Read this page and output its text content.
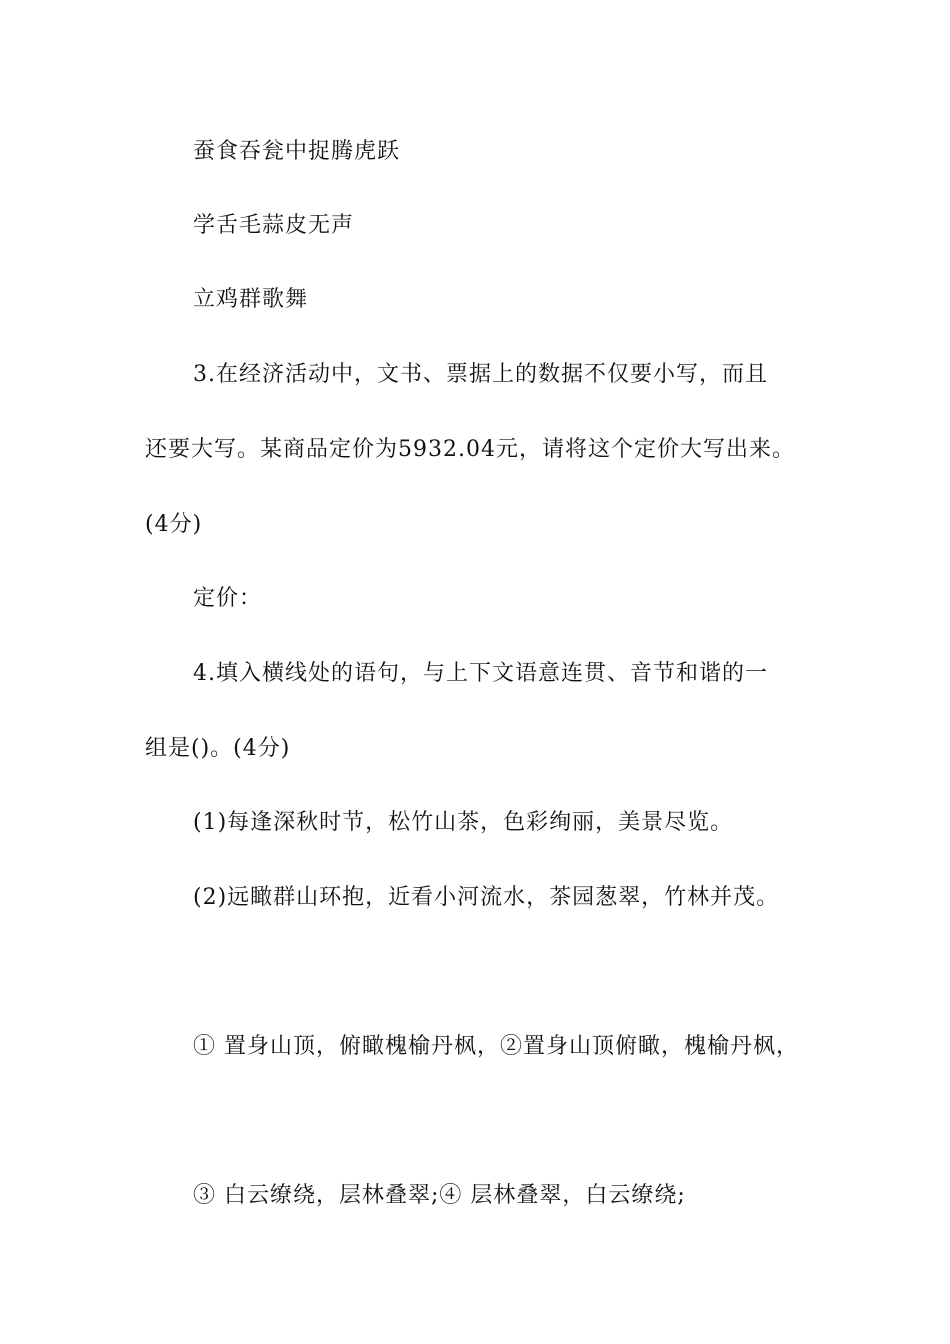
蚕食吞瓮中捉腾虎跃
学舌毛蒜皮无声
立鸡群歌舞
3.在经济活动中，文书、票据上的数据不仅要小写，而且
还要大写。某商品定价为5932.04元，请将这个定价大写出来。
(4分)
定价：
4.填入横线处的语句，与上下文语意连贯、音节和谐的一
组是()。(4分)
(1)每逢深秋时节，松竹山茶，色彩绚丽，美景尽览。
(2)远瞰群山环抱，近看小河流水，茶园葱翠，竹林并茂。
① 置身山顶，俯瞰槐榆丹枫，②置身山顶俯瞰，槐榆丹枫，
③ 白云缭绕，层林叠翠;④ 层林叠翠，白云缭绕;
